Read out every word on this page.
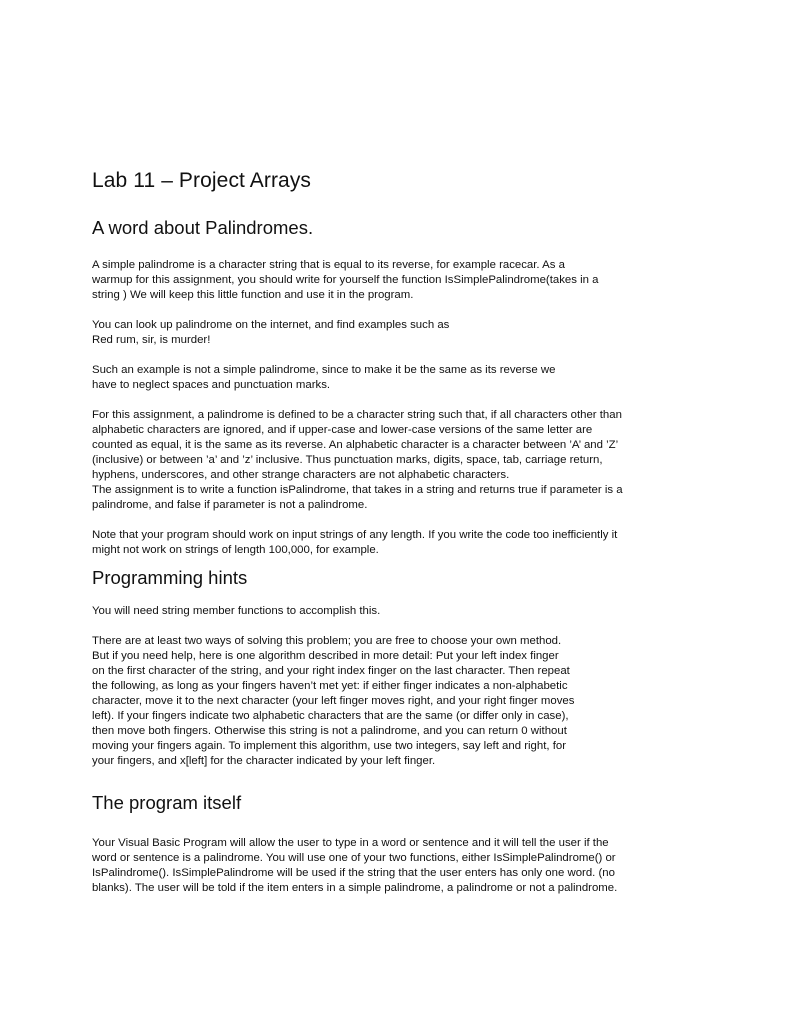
Lab 11 – Project Arrays
A word about Palindromes.

A simple palindrome is a character string that is equal to its reverse, for example racecar. As a
warmup for this assignment, you should write for yourself the function IsSimplePalindrome(takes in a
string ) We will keep this little function and use it in the program.

You can look up palindrome on the internet, and find examples such as
Red rum, sir, is murder!

Such an example is not a simple palindrome, since to make it be the same as its reverse we
have to neglect spaces and punctuation marks.

For this assignment, a palindrome is defined to be a character string such that, if all characters other than
alphabetic characters are ignored, and if upper-case and lower-case versions of the same letter are
counted as equal, it is the same as its reverse. An alphabetic character is a character between ’A’ and ’Z’
(inclusive) or between ’a’ and ’z’ inclusive. Thus punctuation marks, digits, space, tab, carriage return,
hyphens, underscores, and other strange characters are not alphabetic characters.
The assignment is to write a function isPalindrome, that takes in a string and returns true if parameter is a
palindrome, and false if parameter is not a palindrome.

Note that your program should work on input strings of any length. If you write the code too inefficiently it
might not work on strings of length 100,000, for example.

Programming hints

You will need string member functions to accomplish this.

There are at least two ways of solving this problem; you are free to choose your own method.
But if you need help, here is one algorithm described in more detail: Put your left index finger
on the first character of the string, and your right index finger on the last character. Then repeat
the following, as long as your fingers haven’t met yet: if either finger indicates a non-alphabetic
character, move it to the next character (your left finger moves right, and your right finger moves
left). If your fingers indicate two alphabetic characters that are the same (or differ only in case),
then move both fingers. Otherwise this string is not a palindrome, and you can return 0 without
moving your fingers again. To implement this algorithm, use two integers, say left and right, for
your fingers, and x[left] for the character indicated by your left finger.

The program itself

Your Visual Basic Program will allow the user to type in a word or sentence and it will tell the user if the
word or sentence is a palindrome. You will use one of your two functions, either IsSimplePalindrome() or
IsPalindrome(). IsSimplePalindrome will be used if the string that the user enters has only one word. (no
blanks). The user will be told if the item enters in a simple palindrome, a palindrome or not a palindrome.
